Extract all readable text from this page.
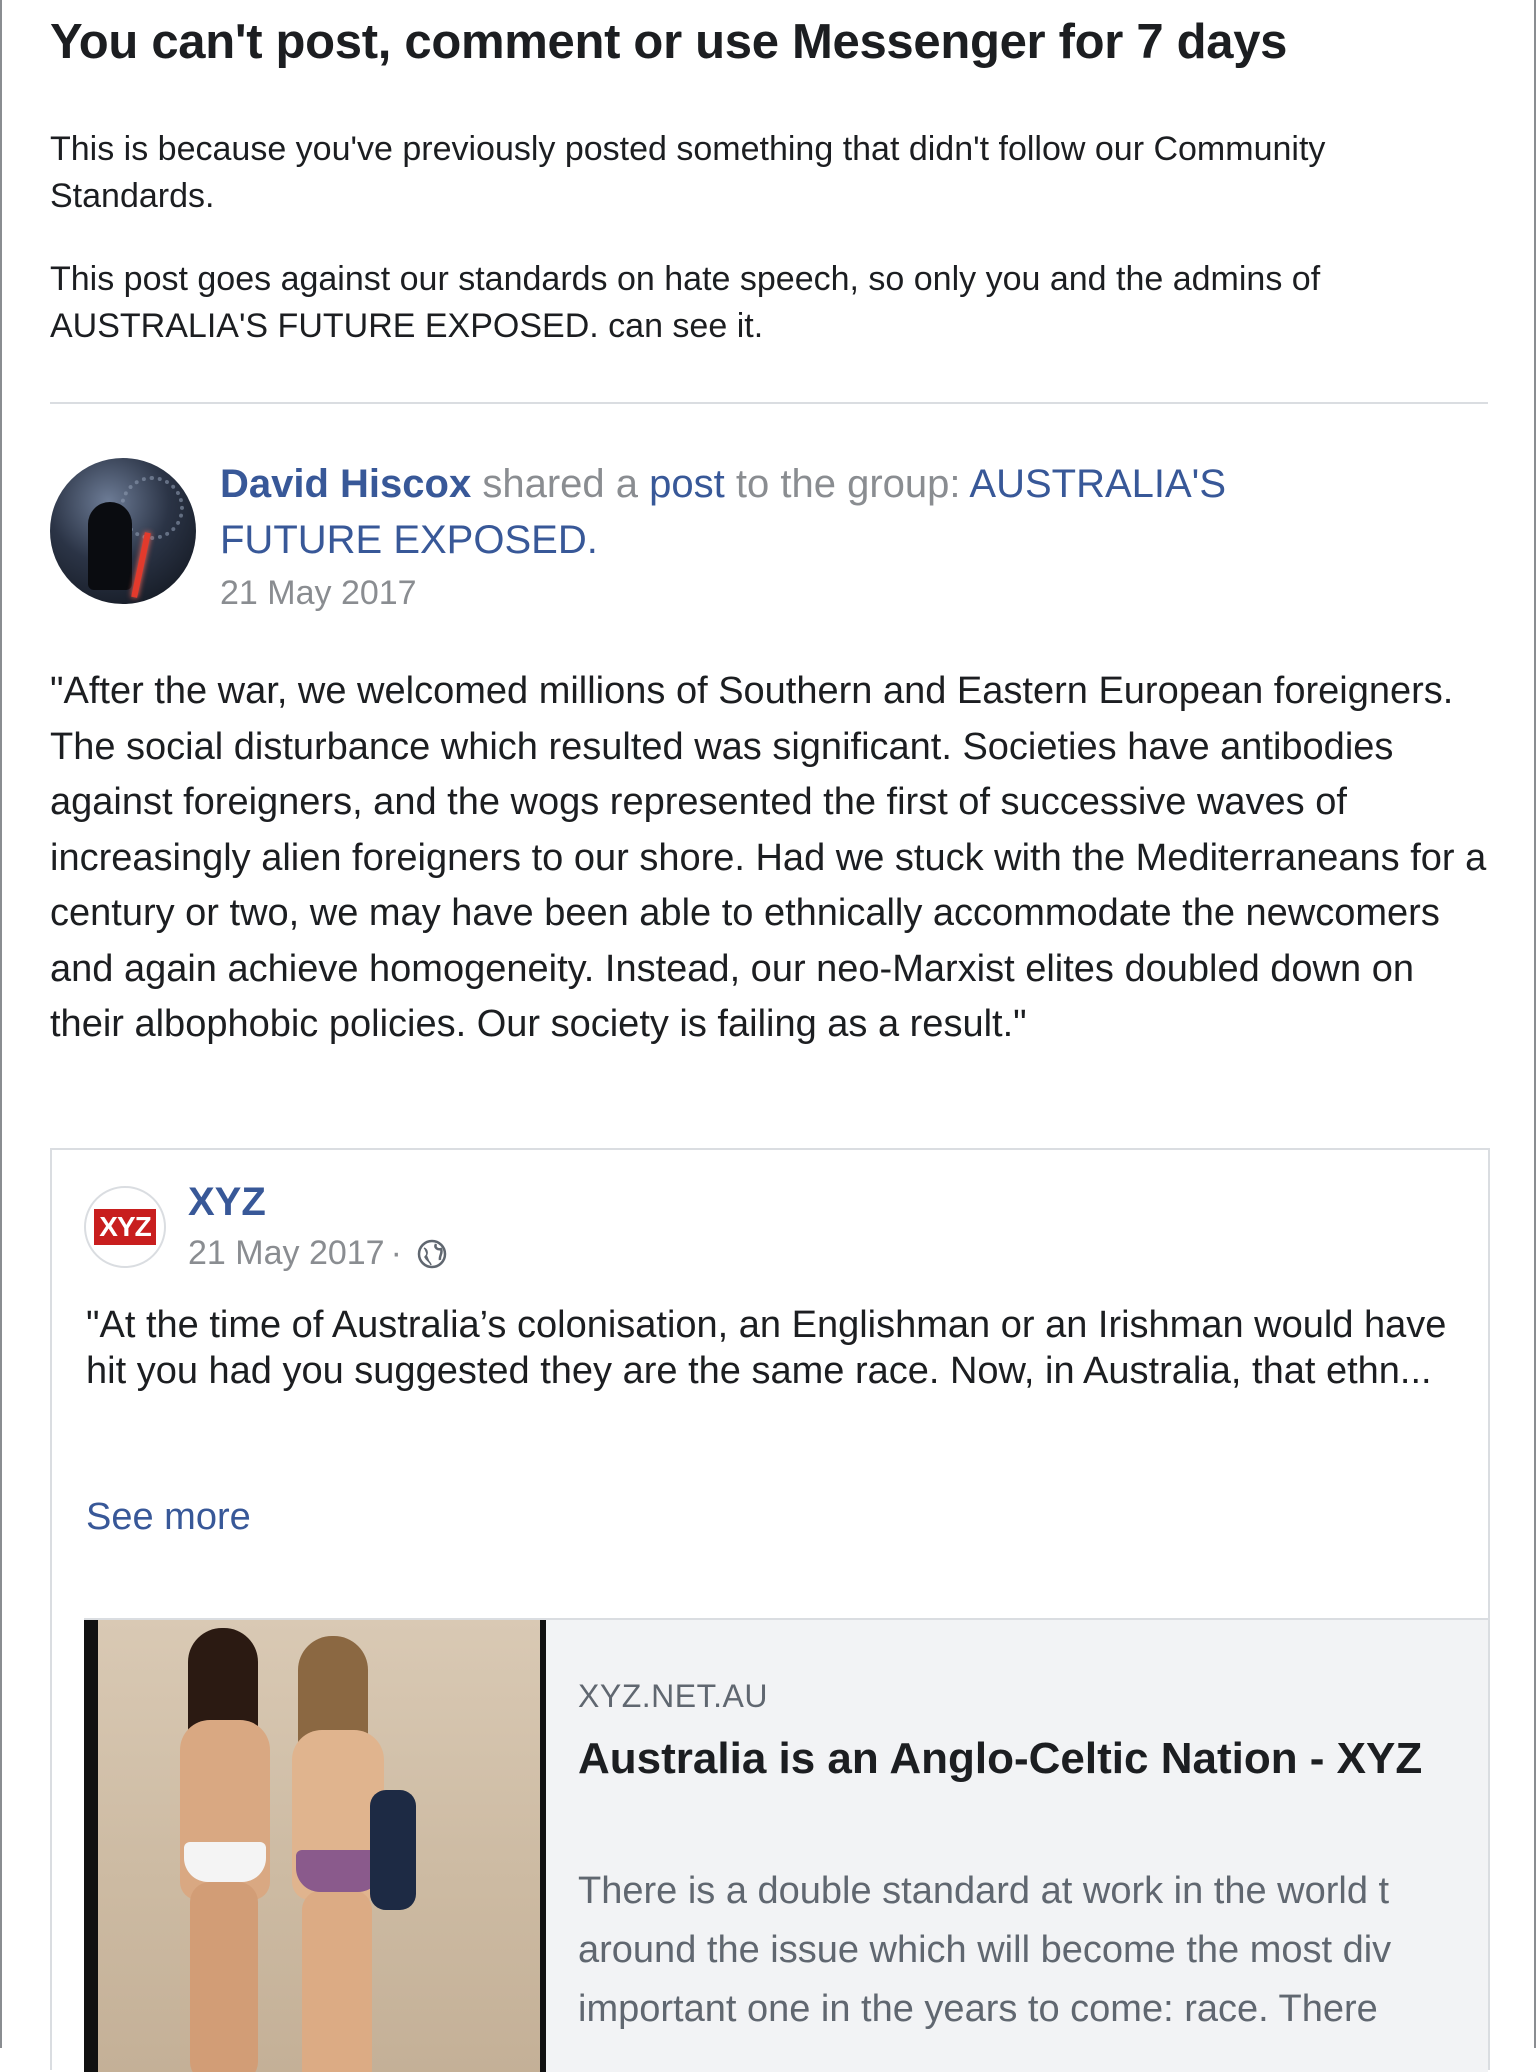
You can't post, comment or use Messenger for 7 days
This is because you've previously posted something that didn't follow our Community Standards.
This post goes against our standards on hate speech, so only you and the admins of AUSTRALIA'S FUTURE EXPOSED. can see it.
David Hiscox shared a post to the group: AUSTRALIA'S FUTURE EXPOSED.
21 May 2017
"After the war, we welcomed millions of Southern and Eastern European foreigners. The social disturbance which resulted was significant. Societies have antibodies against foreigners, and the wogs represented the first of successive waves of increasingly alien foreigners to our shore. Had we stuck with the Mediterraneans for a century or two, we may have been able to ethnically accommodate the newcomers and again achieve homogeneity. Instead, our neo-Marxist elites doubled down on their albophobic policies. Our society is failing as a result."
XYZ
XYZ
21 May 2017 ·
"At the time of Australia’s colonisation, an Englishman or an Irishman would have hit you had you suggested they are the same race. Now, in Australia, that ethn...
See more
XYZ.NET.AU
Australia is an Anglo-Celtic Nation - XYZ
There is a double standard at work in the world t
around the issue which will become the most div
important one in the years to come: race. There
